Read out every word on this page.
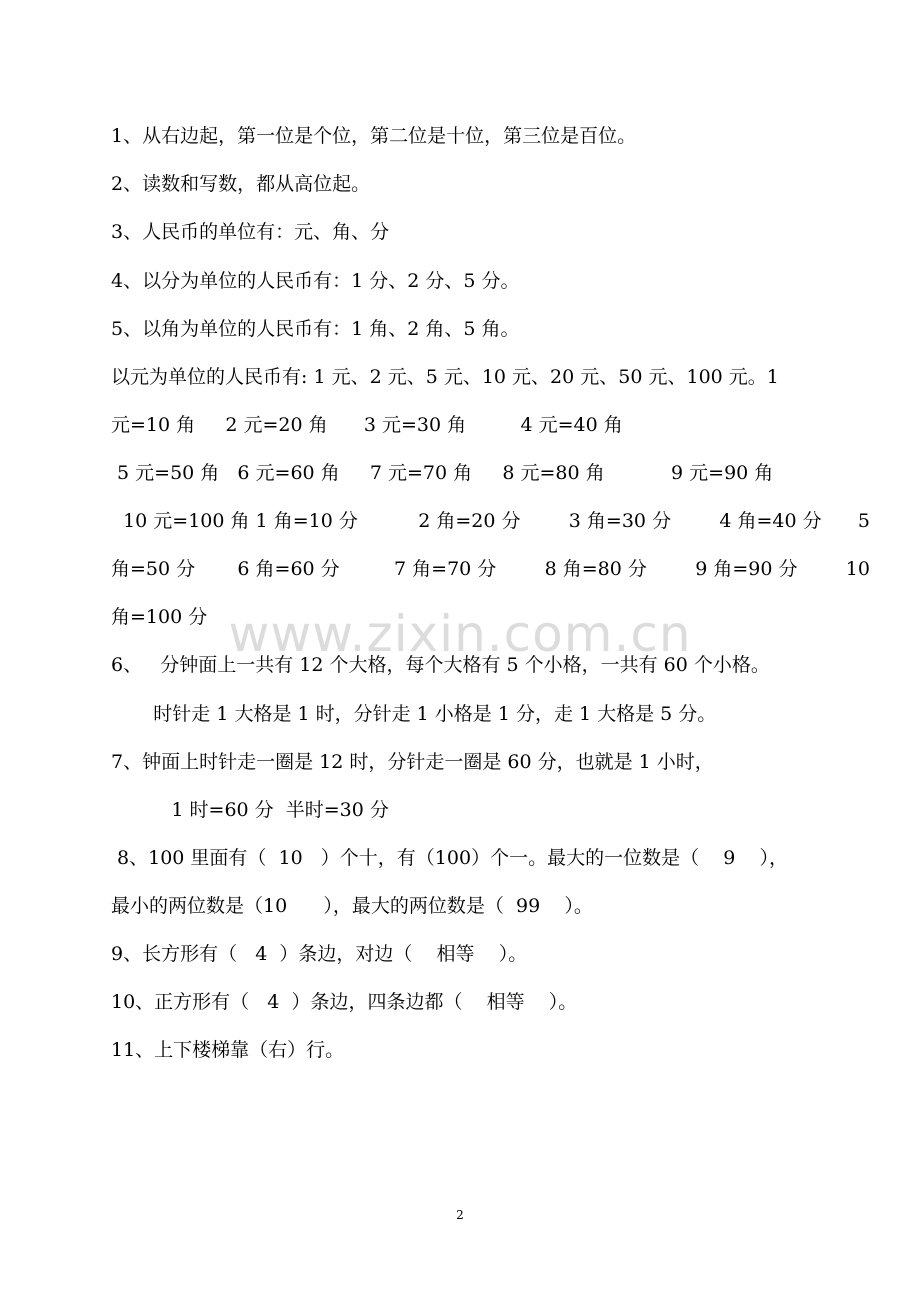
www.zixin.com.cn

1、从右边起，第一位是个位，第二位是十位，第三位是百位。

2、读数和写数，都从高位起。

3、人民币的单位有：元、角、分

4、以分为单位的人民币有：1 分、2 分、5 分。

5、以角为单位的人民币有：1 角、2 角、5 角。

以元为单位的人民币有: 1 元、2 元、5 元、10 元、20 元、50 元、100 元。1

元=10 角     2 元=20 角      3 元=30 角         4 元=40 角

5 元=50 角   6 元=60 角     7 元=70 角     8 元=80 角           9 元=90 角

10 元=100 角 1 角=10 分          2 角=20 分        3 角=30 分        4 角=40 分      5

角=50 分       6 角=60 分         7 角=70 分        8 角=80 分        9 角=90 分        10

角=100 分

6、   分钟面上一共有 12 个大格，每个大格有 5 个小格，一共有 60 个小格。

时针走 1 大格是 1 时，分针走 1 小格是 1 分，走 1 大格是 5 分。

7、钟面上时针走一圈是 12 时，分针走一圈是 60 分，也就是 1 小时，

1 时=60 分  半时=30 分

8、100 里面有（  10   ）个十，有（100）个一。最大的一位数是（    9    ），

最小的两位数是（10      ），最大的两位数是（  99    ）。

9、长方形有（   4  ）条边，对边（    相等    ）。

10、正方形有（   4  ）条边，四条边都（    相等    ）。

11、上下楼梯靠（右）行。

2
